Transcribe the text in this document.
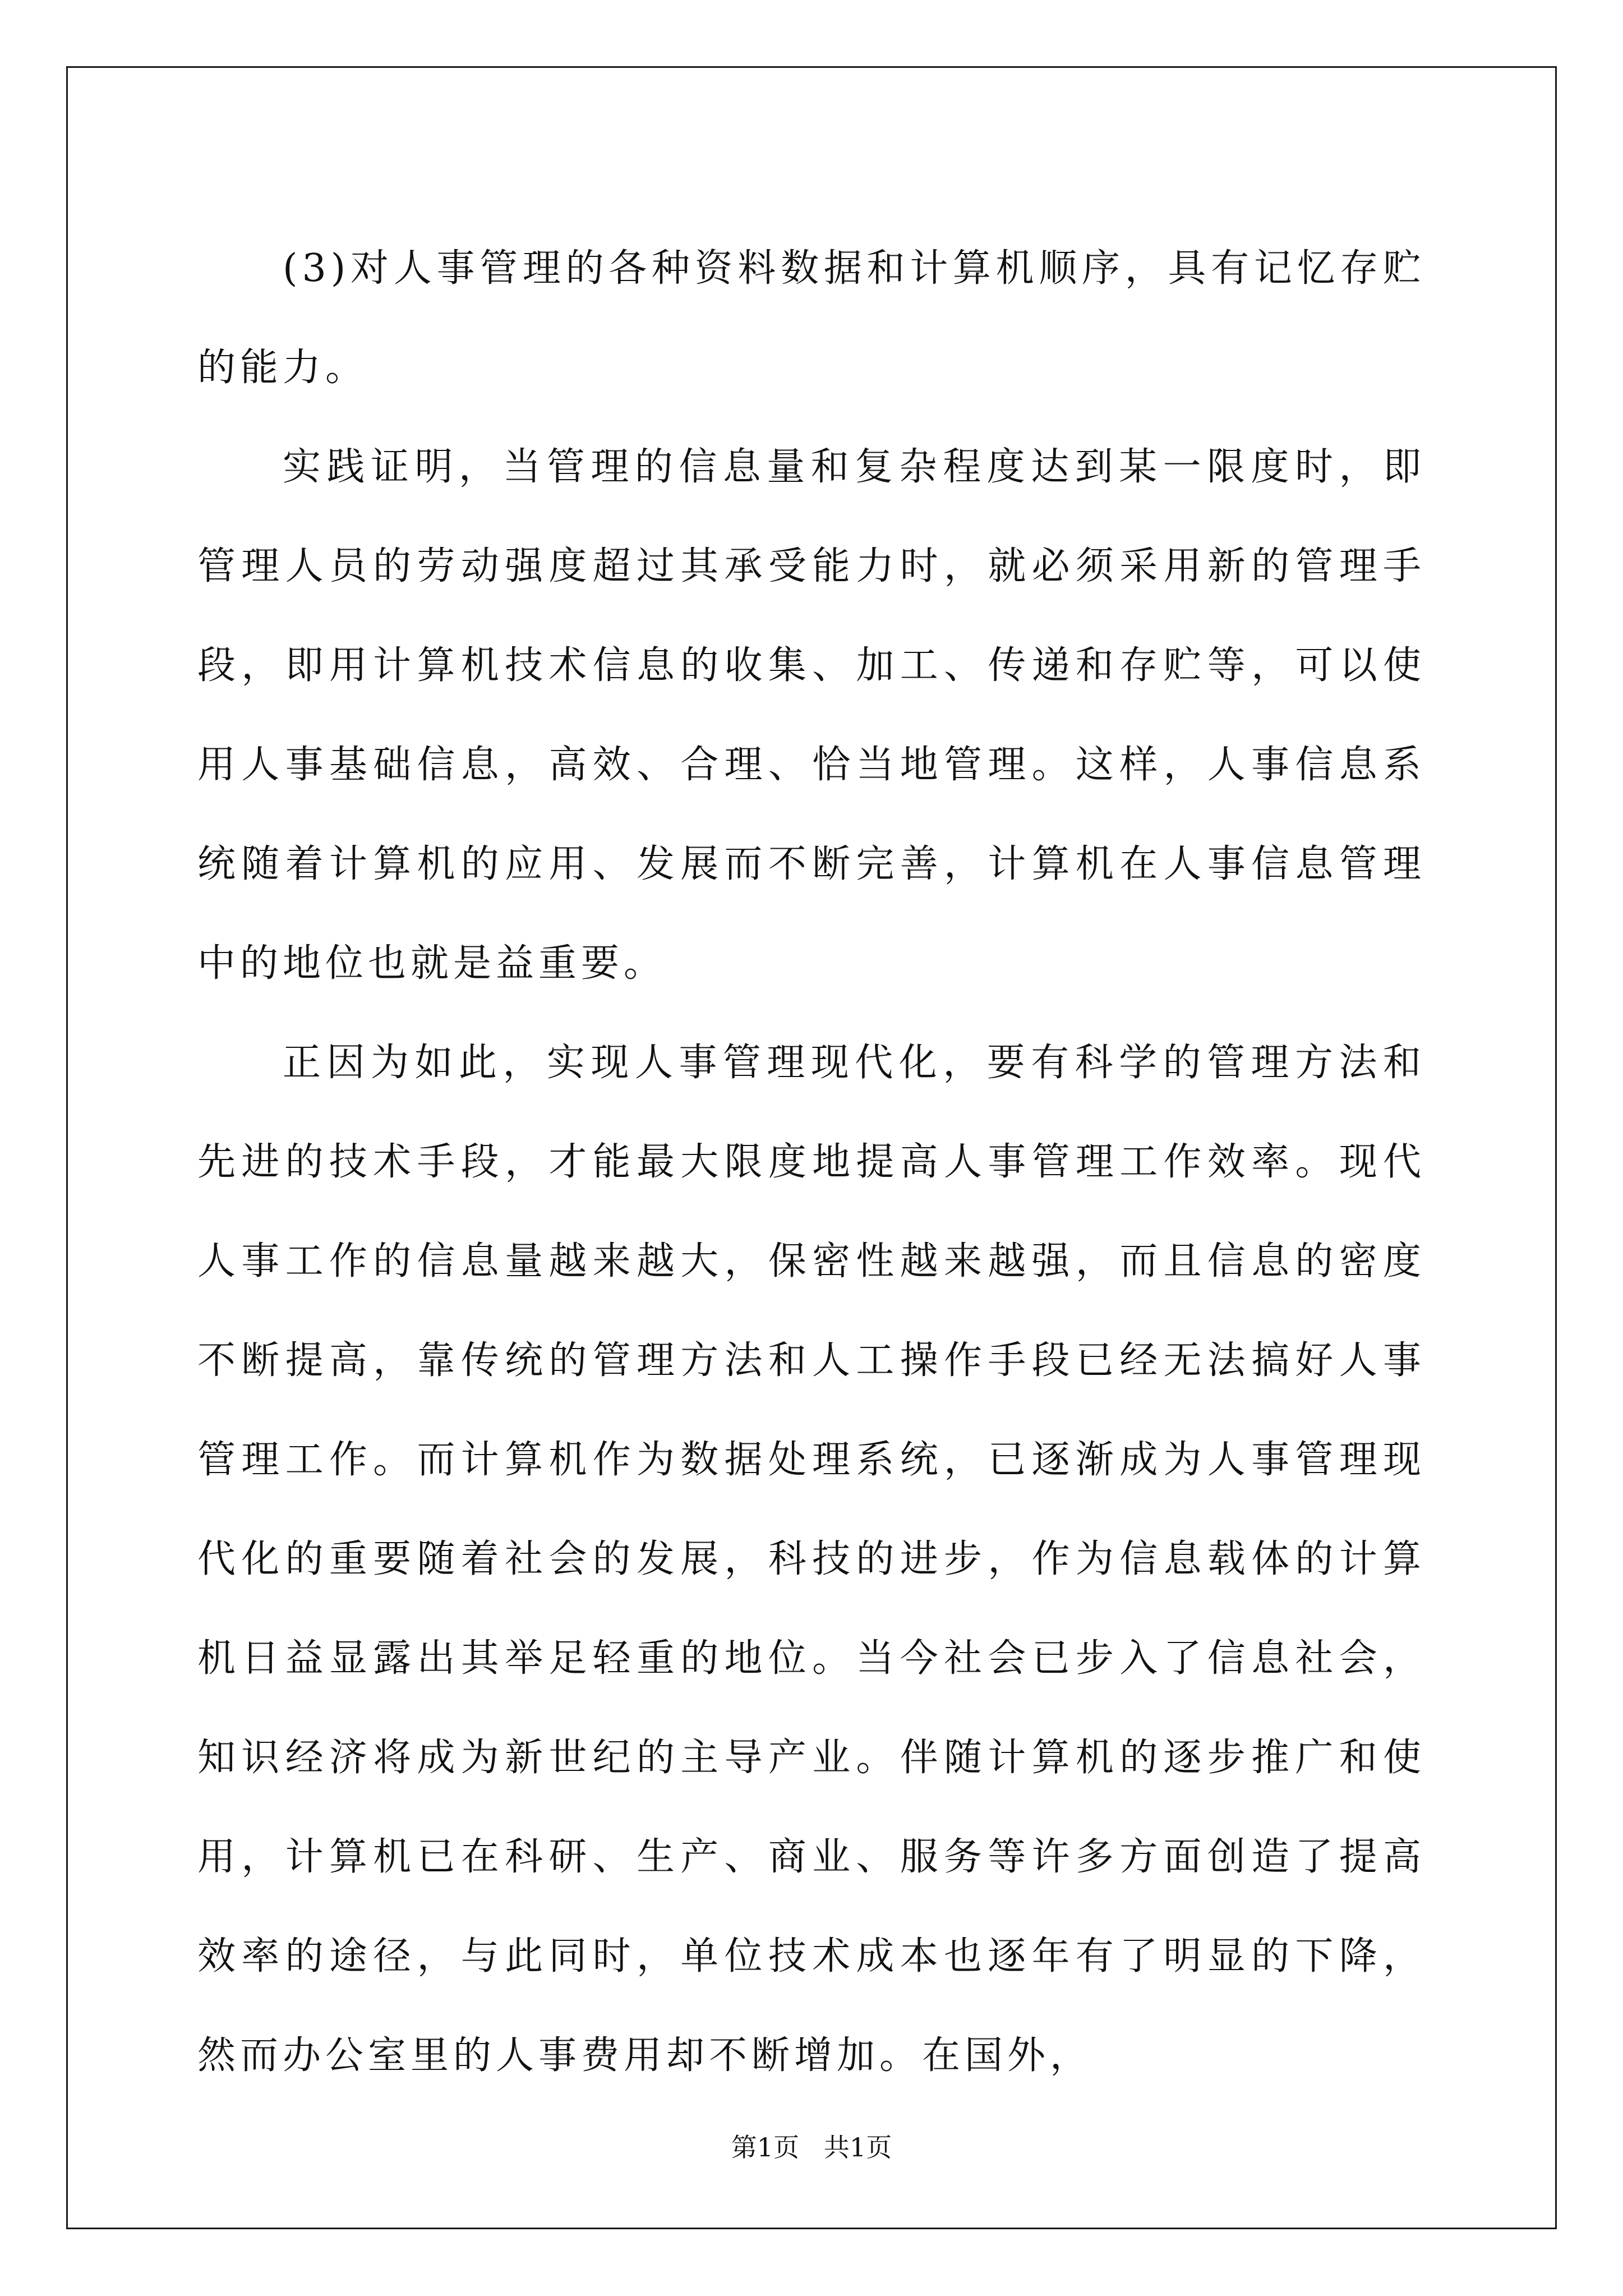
(3)对人事管理的各种资料数据和计算机顺序，具有记忆存贮的能力。

实践证明，当管理的信息量和复杂程度达到某一限度时，即管理人员的劳动强度超过其承受能力时，就必须采用新的管理手段，即用计算机技术信息的收集、加工、传递和存贮等，可以使用人事基础信息，高效、合理、恰当地管理。这样，人事信息系统随着计算机的应用、发展而不断完善，计算机在人事信息管理中的地位也就是益重要。

正因为如此，实现人事管理现代化，要有科学的管理方法和先进的技术手段，才能最大限度地提高人事管理工作效率。现代人事工作的信息量越来越大，保密性越来越强，而且信息的密度不断提高，靠传统的管理方法和人工操作手段已经无法搞好人事管理工作。而计算机作为数据处理系统，已逐渐成为人事管理现代化的重要随着社会的发展，科技的进步，作为信息载体的计算机日益显露出其举足轻重的地位。当今社会已步入了信息社会，知识经济将成为新世纪的主导产业。伴随计算机的逐步推广和使用，计算机已在科研、生产、商业、服务等许多方面创造了提高效率的途径，与此同时，单位技术成本也逐年有了明显的下降，然而办公室里的人事费用却不断增加。在国外，

第1页   共1页
